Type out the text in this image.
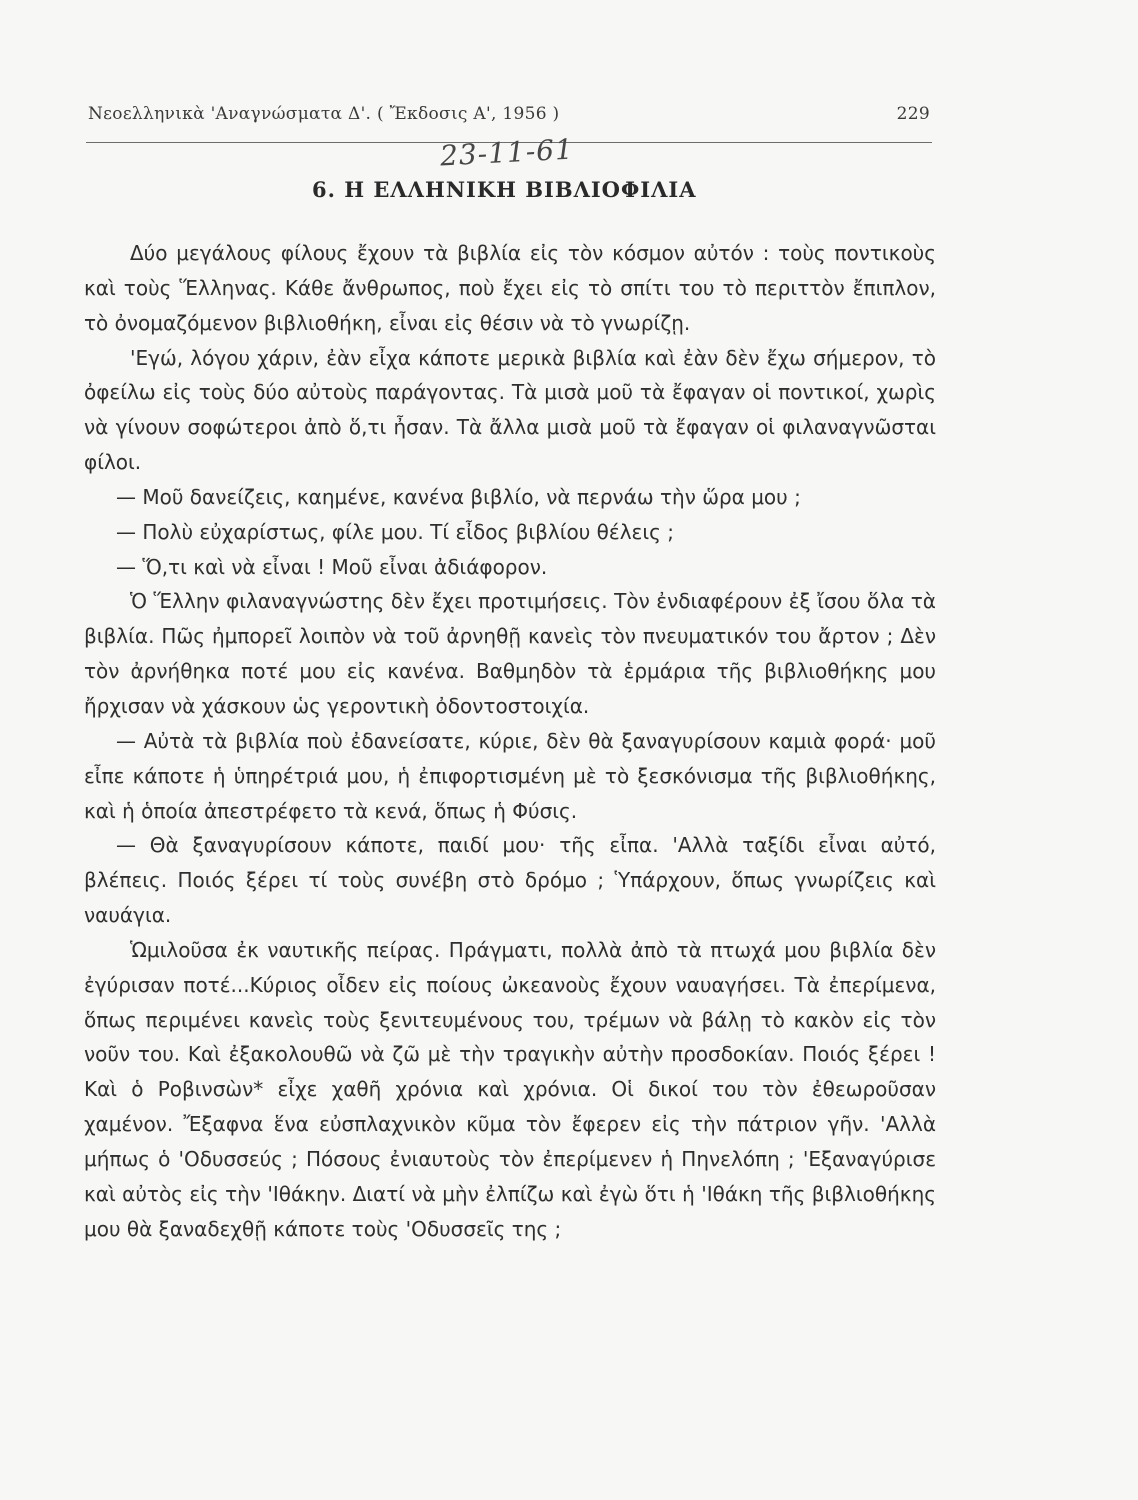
Νεοελληνικὰ 'Αναγνώσματα Δ'. ( Ἔκδοσις Α', 1956 )	229
23-11-61
6. Η ΕΛΛΗΝΙΚΗ ΒΙΒΛΙΟΦΙΛΙΑ

Δύο μεγάλους φίλους ἔχουν τὰ βιβλία εἰς τὸν κόσμον αὐτόν : τοὺς ποντικοὺς καὶ τοὺς Ἕλληνας. Κάθε ἄνθρωπος, ποὺ ἔχει εἰς τὸ σπίτι του τὸ περιττὸν ἔπιπλον, τὸ ὀνομαζόμενον βιβλιοθήκη, εἶναι εἰς θέσιν νὰ τὸ γνωρίζῃ.

'Εγώ, λόγου χάριν, ἐὰν εἶχα κάποτε μερικὰ βιβλία καὶ ἐὰν δὲν ἔχω σήμερον, τὸ ὀφείλω εἰς τοὺς δύο αὐτοὺς παράγοντας. Τὰ μισὰ μοῦ τὰ ἔφαγαν οἱ ποντικοί, χωρὶς νὰ γίνουν σοφώτεροι ἀπὸ ὅ,τι ἦσαν. Τὰ ἄλλα μισὰ μοῦ τὰ ἔφαγαν οἱ φιλαναγνῶσται φίλοι.

— Μοῦ δανείζεις, καημένε, κανένα βιβλίο, νὰ περνάω τὴν ὥρα μου ;

— Πολὺ εὐχαρίστως, φίλε μου. Τί εἶδος βιβλίου θέλεις ;

— Ὅ,τι καὶ νὰ εἶναι ! Μοῦ εἶναι ἀδιάφορον.

Ὁ Ἕλλην φιλαναγνώστης δὲν ἔχει προτιμήσεις. Τὸν ἐνδιαφέρουν ἐξ ἴσου ὅλα τὰ βιβλία. Πῶς ἠμπορεῖ λοιπὸν νὰ τοῦ ἀρνηθῇ κανεὶς τὸν πνευματικόν του ἄρτον ; Δὲν τὸν ἀρνήθηκα ποτέ μου εἰς κανένα. Βαθμηδὸν τὰ ἑρμάρια τῆς βιβλιοθήκης μου ἤρχισαν νὰ χάσκουν ὡς γεροντικὴ ὀδοντοστοιχία.

— Αὐτὰ τὰ βιβλία ποὺ ἐδανείσατε, κύριε, δὲν θὰ ξαναγυρίσουν καμιὰ φορά· μοῦ εἶπε κάποτε ἡ ὑπηρέτριά μου, ἡ ἐπιφορτισμένη μὲ τὸ ξεσκόνισμα τῆς βιβλιοθήκης, καὶ ἡ ὁποία ἀπεστρέφετο τὰ κενά, ὅπως ἡ Φύσις.

— Θὰ ξαναγυρίσουν κάποτε, παιδί μου· τῆς εἶπα. 'Αλλὰ ταξίδι εἶναι αὐτό, βλέπεις. Ποιός ξέρει τί τοὺς συνέβη στὸ δρόμο ; Ὑπάρχουν, ὅπως γνωρίζεις καὶ ναυάγια.

Ὡμιλοῦσα ἐκ ναυτικῆς πείρας. Πράγματι, πολλὰ ἀπὸ τὰ πτωχά μου βιβλία δὲν ἐγύρισαν ποτέ...Κύριος οἶδεν εἰς ποίους ὠκεανοὺς ἔχουν ναυαγήσει. Τὰ ἐπερίμενα, ὅπως περιμένει κανεὶς τοὺς ξενιτευμένους του, τρέμων νὰ βάλῃ τὸ κακὸν εἰς τὸν νοῦν του. Καὶ ἐξακολουθῶ νὰ ζῶ μὲ τὴν τραγικὴν αὐτὴν προσδοκίαν. Ποιός ξέρει ! Καὶ ὁ Ροβινσὼν* εἶχε χαθῆ χρόνια καὶ χρόνια. Οἱ δικοί του τὸν ἐθεωροῦσαν χαμένον. Ἔξαφνα ἕνα εὐσπλαχνικὸν κῦμα τὸν ἔφερεν εἰς τὴν πάτριον γῆν. 'Αλλὰ μήπως ὁ 'Οδυσσεύς ; Πόσους ἐνιαυτοὺς τὸν ἐπερίμενεν ἡ Πηνελόπη ; 'Εξαναγύρισε καὶ αὐτὸς εἰς τὴν 'Ιθάκην. Διατί νὰ μὴν ἐλπίζω καὶ ἐγὼ ὅτι ἡ 'Ιθάκη τῆς βιβλιοθήκης μου θὰ ξαναδεχθῇ κάποτε τοὺς 'Οδυσσεῖς της ;
